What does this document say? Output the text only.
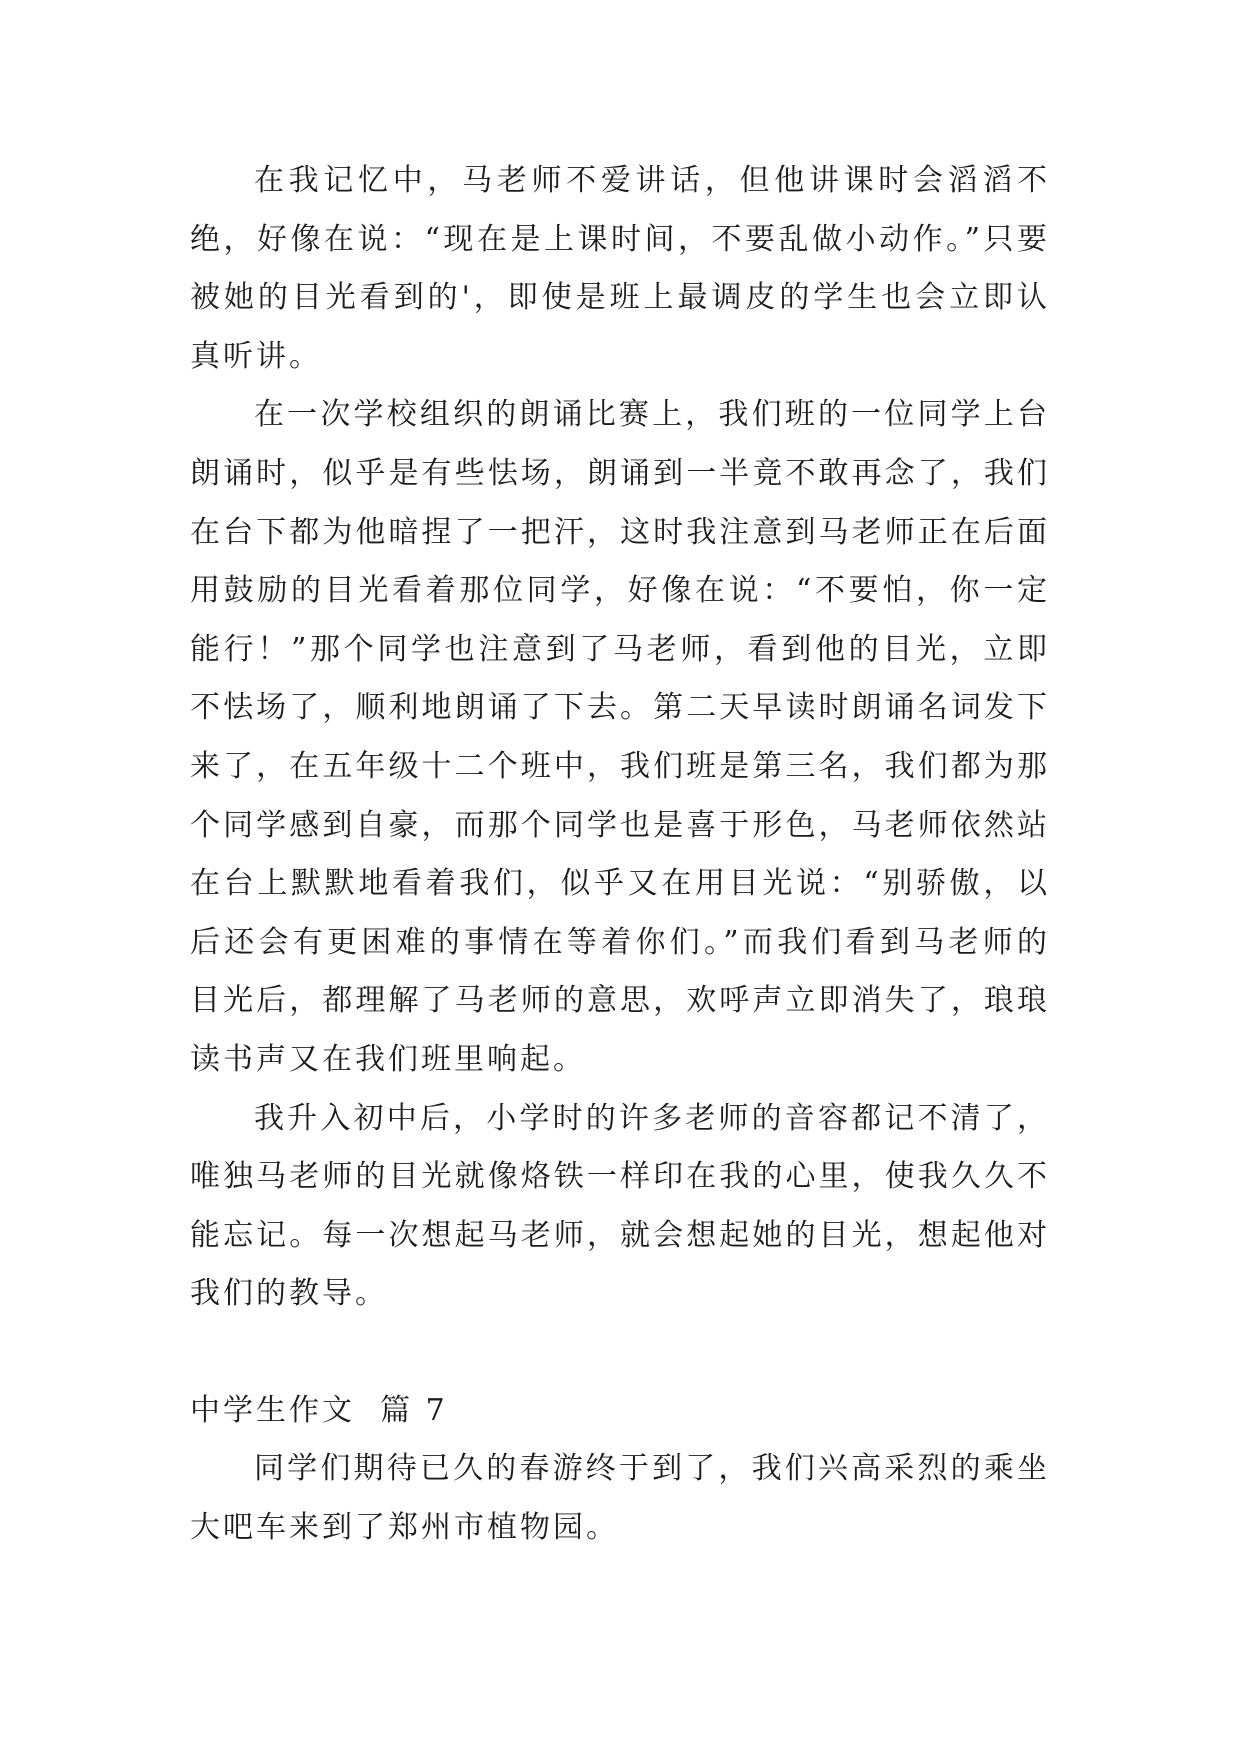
在我记忆中，马老师不爱讲话，但他讲课时会滔滔不绝，好像在说：“现在是上课时间，不要乱做小动作。”只要被她的目光看到的'，即使是班上最调皮的学生也会立即认真听讲。

在一次学校组织的朗诵比赛上，我们班的一位同学上台朗诵时，似乎是有些怯场，朗诵到一半竟不敢再念了，我们在台下都为他暗捏了一把汗，这时我注意到马老师正在后面用鼓励的目光看着那位同学，好像在说：“不要怕，你一定能行！”那个同学也注意到了马老师，看到他的目光，立即不怯场了，顺利地朗诵了下去。第二天早读时朗诵名词发下来了，在五年级十二个班中，我们班是第三名，我们都为那个同学感到自豪，而那个同学也是喜于形色，马老师依然站在台上默默地看着我们，似乎又在用目光说：“别骄傲，以后还会有更困难的事情在等着你们。”而我们看到马老师的目光后，都理解了马老师的意思，欢呼声立即消失了，琅琅读书声又在我们班里响起。

我升入初中后，小学时的许多老师的音容都记不清了，唯独马老师的目光就像烙铁一样印在我的心里，使我久久不能忘记。每一次想起马老师，就会想起她的目光，想起他对我们的教导。

中学生作文  篇 7

同学们期待已久的春游终于到了，我们兴高采烈的乘坐大吧车来到了郑州市植物园。
